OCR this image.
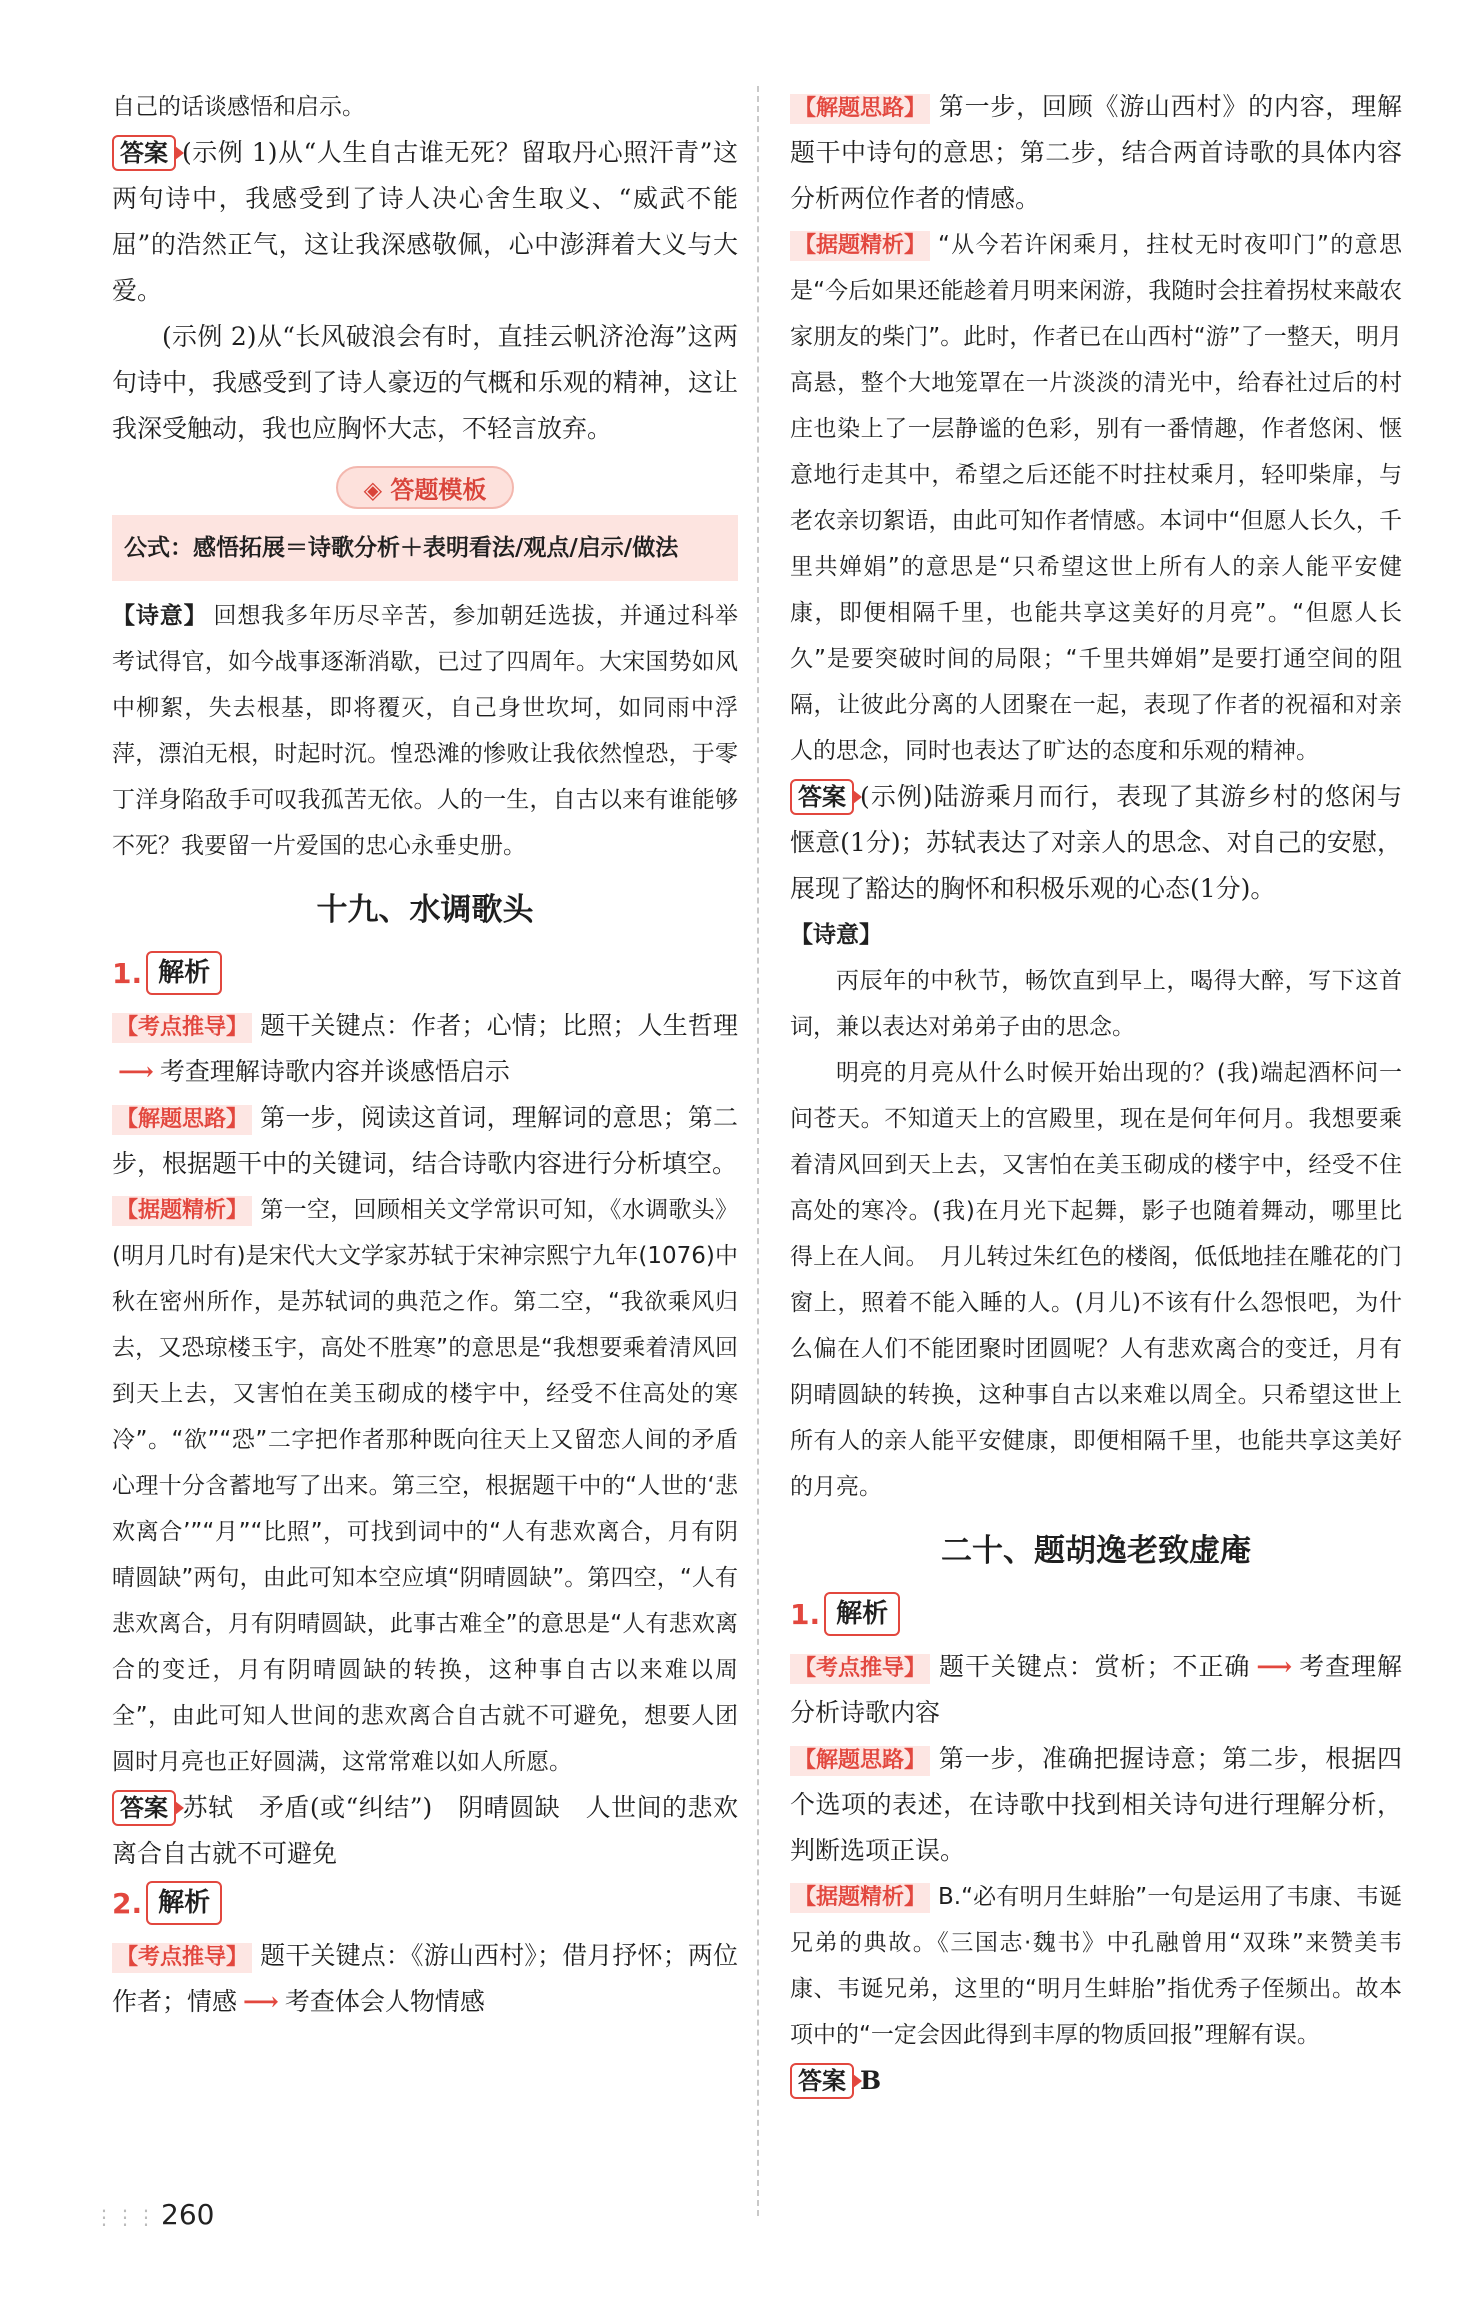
自己的话谈感悟和启示。

答案 (示例 1)从“人生自古谁无死？留取丹心照汗青”这两句诗中，我感受到了诗人决心舍生取义、“威武不能屈”的浩然正气，这让我深感敬佩，心中澎湃着大义与大爱。

(示例 2)从“长风破浪会有时，直挂云帆济沧海”这两句诗中，我感受到了诗人豪迈的气概和乐观的精神，这让我深受触动，我也应胸怀大志，不轻言放弃。

◈ 答题模板

公式：感悟拓展＝诗歌分析＋表明看法/观点/启示/做法

【诗意】 回想我多年历尽辛苦，参加朝廷选拔，并通过科举考试得官，如今战事逐渐消歇，已过了四周年。大宋国势如风中柳絮，失去根基，即将覆灭，自己身世坎坷，如同雨中浮萍，漂泊无根，时起时沉。惶恐滩的惨败让我依然惶恐，于零丁洋身陷敌手可叹我孤苦无依。人的一生，自古以来有谁能够不死？我要留一片爱国的忠心永垂史册。

十九、水调歌头
1. 解析

【考点推导】 题干关键点：作者；心情；比照；人生哲理⟶ 考查理解诗歌内容并谈感悟启示

【解题思路】 第一步，阅读这首词，理解词的意思；第二步，根据题干中的关键词，结合诗歌内容进行分析填空。

【据题精析】 第一空，回顾相关文学常识可知，《水调歌头》(明月几时有)是宋代大文学家苏轼于宋神宗熙宁九年(1076)中秋在密州所作，是苏轼词的典范之作。第二空，“我欲乘风归去，又恐琼楼玉宇，高处不胜寒”的意思是“我想要乘着清风回到天上去，又害怕在美玉砌成的楼宇中，经受不住高处的寒冷”。“欲”“恐”二字把作者那种既向往天上又留恋人间的矛盾心理十分含蓄地写了出来。第三空，根据题干中的“人世的‘悲欢离合’”“月”“比照”，可找到词中的“人有悲欢离合，月有阴晴圆缺”两句，由此可知本空应填“阴晴圆缺”。第四空，“人有悲欢离合，月有阴晴圆缺，此事古难全”的意思是“人有悲欢离合的变迁，月有阴晴圆缺的转换，这种事自古以来难以周全”，由此可知人世间的悲欢离合自古就不可避免，想要人团圆时月亮也正好圆满，这常常难以如人所愿。

答案 苏轼　矛盾(或“纠结”)　阴晴圆缺　人世间的悲欢离合自古就不可避免

2. 解析

【考点推导】 题干关键点：《游山西村》；借月抒怀；两位作者；情感 ⟶ 考查体会人物情感

【解题思路】 第一步，回顾《游山西村》的内容，理解题干中诗句的意思；第二步，结合两首诗歌的具体内容分析两位作者的情感。

【据题精析】 “从今若许闲乘月，拄杖无时夜叩门”的意思是“今后如果还能趁着月明来闲游，我随时会拄着拐杖来敲农家朋友的柴门”。此时，作者已在山西村“游”了一整天，明月高悬，整个大地笼罩在一片淡淡的清光中，给春社过后的村庄也染上了一层静谧的色彩，别有一番情趣，作者悠闲、惬意地行走其中，希望之后还能不时拄杖乘月，轻叩柴扉，与老农亲切絮语，由此可知作者情感。本词中“但愿人长久，千里共婵娟”的意思是“只希望这世上所有人的亲人能平安健康，即便相隔千里，也能共享这美好的月亮”。“但愿人长久”是要突破时间的局限；“千里共婵娟”是要打通空间的阻隔，让彼此分离的人团聚在一起，表现了作者的祝福和对亲人的思念，同时也表达了旷达的态度和乐观的精神。

答案 (示例)陆游乘月而行，表现了其游乡村的悠闲与惬意(1分)；苏轼表达了对亲人的思念、对自己的安慰，展现了豁达的胸怀和积极乐观的心态(1分)。

【诗意】

丙辰年的中秋节，畅饮直到早上，喝得大醉，写下这首词，兼以表达对弟弟子由的思念。

明亮的月亮从什么时候开始出现的？(我)端起酒杯问一问苍天。不知道天上的宫殿里，现在是何年何月。我想要乘着清风回到天上去，又害怕在美玉砌成的楼宇中，经受不住高处的寒冷。(我)在月光下起舞，影子也随着舞动，哪里比得上在人间。　月儿转过朱红色的楼阁，低低地挂在雕花的门窗上，照着不能入睡的人。(月儿)不该有什么怨恨吧，为什么偏在人们不能团聚时团圆呢？人有悲欢离合的变迁，月有阴晴圆缺的转换，这种事自古以来难以周全。只希望这世上所有人的亲人能平安健康，即便相隔千里，也能共享这美好的月亮。

二十、题胡逸老致虚庵
1. 解析

【考点推导】 题干关键点：赏析；不正确 ⟶ 考查理解分析诗歌内容

【解题思路】 第一步，准确把握诗意；第二步，根据四个选项的表述，在诗歌中找到相关诗句进行理解分析，判断选项正误。

【据题精析】 B.“必有明月生蚌胎”一句是运用了韦康、韦诞兄弟的典故。《三国志·魏书》中孔融曾用“双珠”来赞美韦康、韦诞兄弟，这里的“明月生蚌胎”指优秀子侄频出。故本项中的“一定会因此得到丰厚的物质回报”理解有误。

答案 B

⋮⋮⋮ 260
